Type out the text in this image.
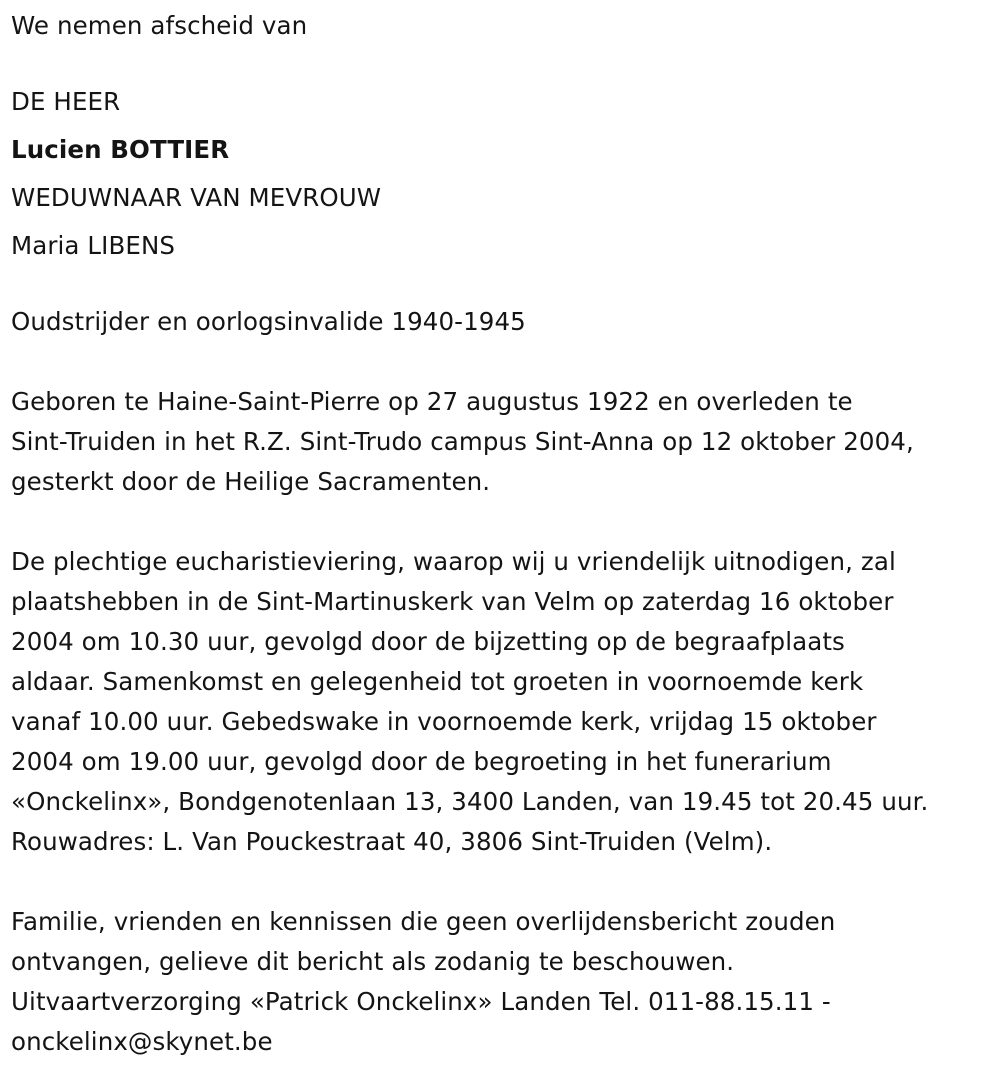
We nemen afscheid van
DE HEER
Lucien BOTTIER
WEDUWNAAR VAN MEVROUW
Maria LIBENS
Oudstrijder en oorlogsinvalide 1940-1945
Geboren te Haine-Saint-Pierre op 27 augustus 1922 en overleden te
Sint-Truiden in het R.Z. Sint-Trudo campus Sint-Anna op 12 oktober 2004,
gesterkt door de Heilige Sacramenten.
De plechtige eucharistieviering, waarop wij u vriendelijk uitnodigen, zal
plaatshebben in de Sint-Martinuskerk van Velm op zaterdag 16 oktober
2004 om 10.30 uur, gevolgd door de bijzetting op de begraafplaats
aldaar. Samenkomst en gelegenheid tot groeten in voornoemde kerk
vanaf 10.00 uur. Gebedswake in voornoemde kerk, vrijdag 15 oktober
2004 om 19.00 uur, gevolgd door de begroeting in het funerarium
«Onckelinx», Bondgenotenlaan 13, 3400 Landen, van 19.45 tot 20.45 uur.
Rouwadres: L. Van Pouckestraat 40, 3806 Sint-Truiden (Velm).
Familie, vrienden en kennissen die geen overlijdensbericht zouden
ontvangen, gelieve dit bericht als zodanig te beschouwen.
Uitvaartverzorging «Patrick Onckelinx» Landen Tel. 011-88.15.11 -
onckelinx@skynet.be
